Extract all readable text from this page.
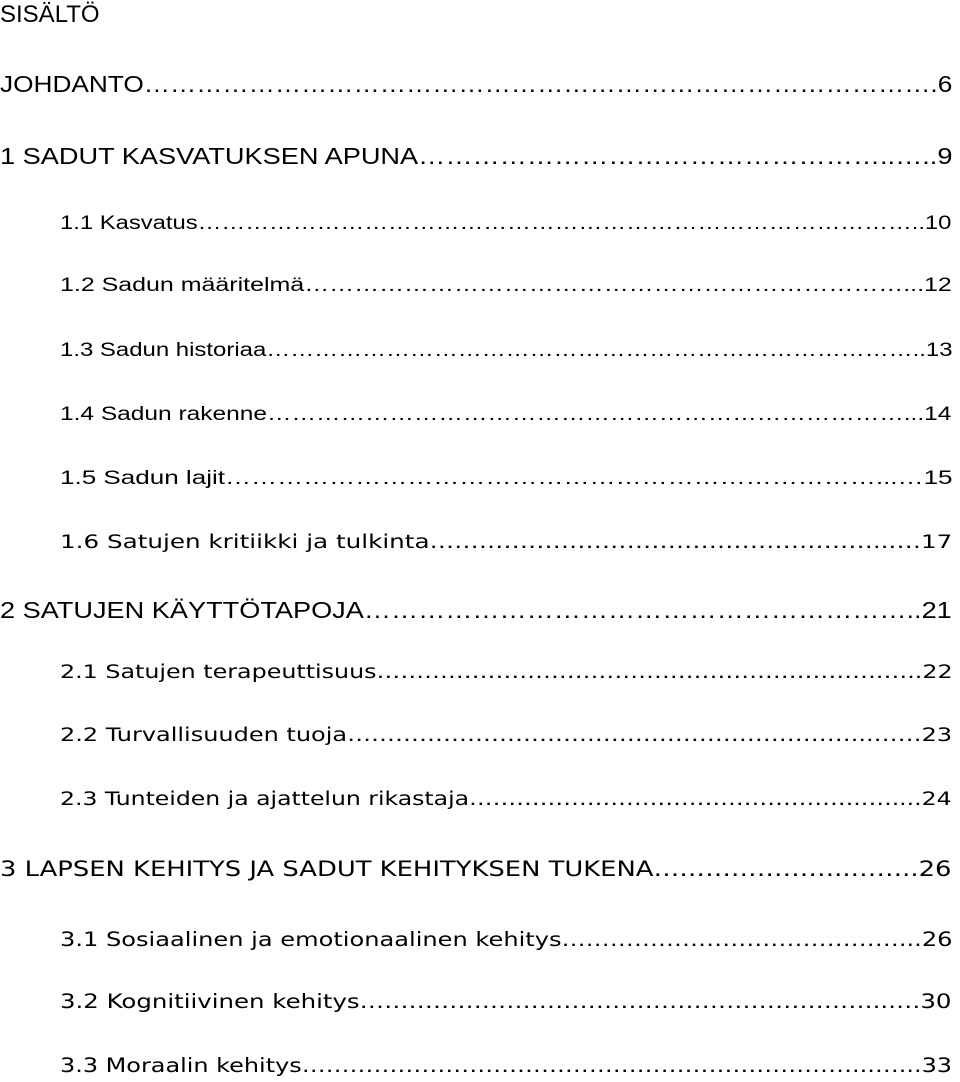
SISÄLTÖ
JOHDANTO……………………………………………………………………………….6
1 SADUT KASVATUKSEN APUNA……………………………………………..…..9
1.1 Kasvatus………………………………………………………………………………..10
1.2 Sadun määritelmä………………………………………………………………...12
1.3 Sadun historiaa………………………………………………………………………..13
1.4 Sadun rakenne……………………………………………………………………...14
1.5 Sadun lajit…………………………………………………………………...…15
1.6 Satujen kritiikki ja tulkinta………………………………………………...…17
2 SATUJEN KÄYTTÖTAPOJA……………………………………………………..21
2.1 Satujen terapeuttisuus……………………………………………………….…..22
2.2 Turvallisuuden tuoja………………………………………………………...……23
2.3 Tunteiden ja ajattelun rikastaja…………………………………………..….....24
3 LAPSEN KEHITYS JA SADUT KEHITYKSEN TUKENA…………………..……..26
3.1 Sosiaalinen ja emotionaalinen kehitys……………………………………...26
3.2 Kognitiivinen kehitys………………………………………………………...…30
3.3 Moraalin kehitys……………………………………………………………...…...33
